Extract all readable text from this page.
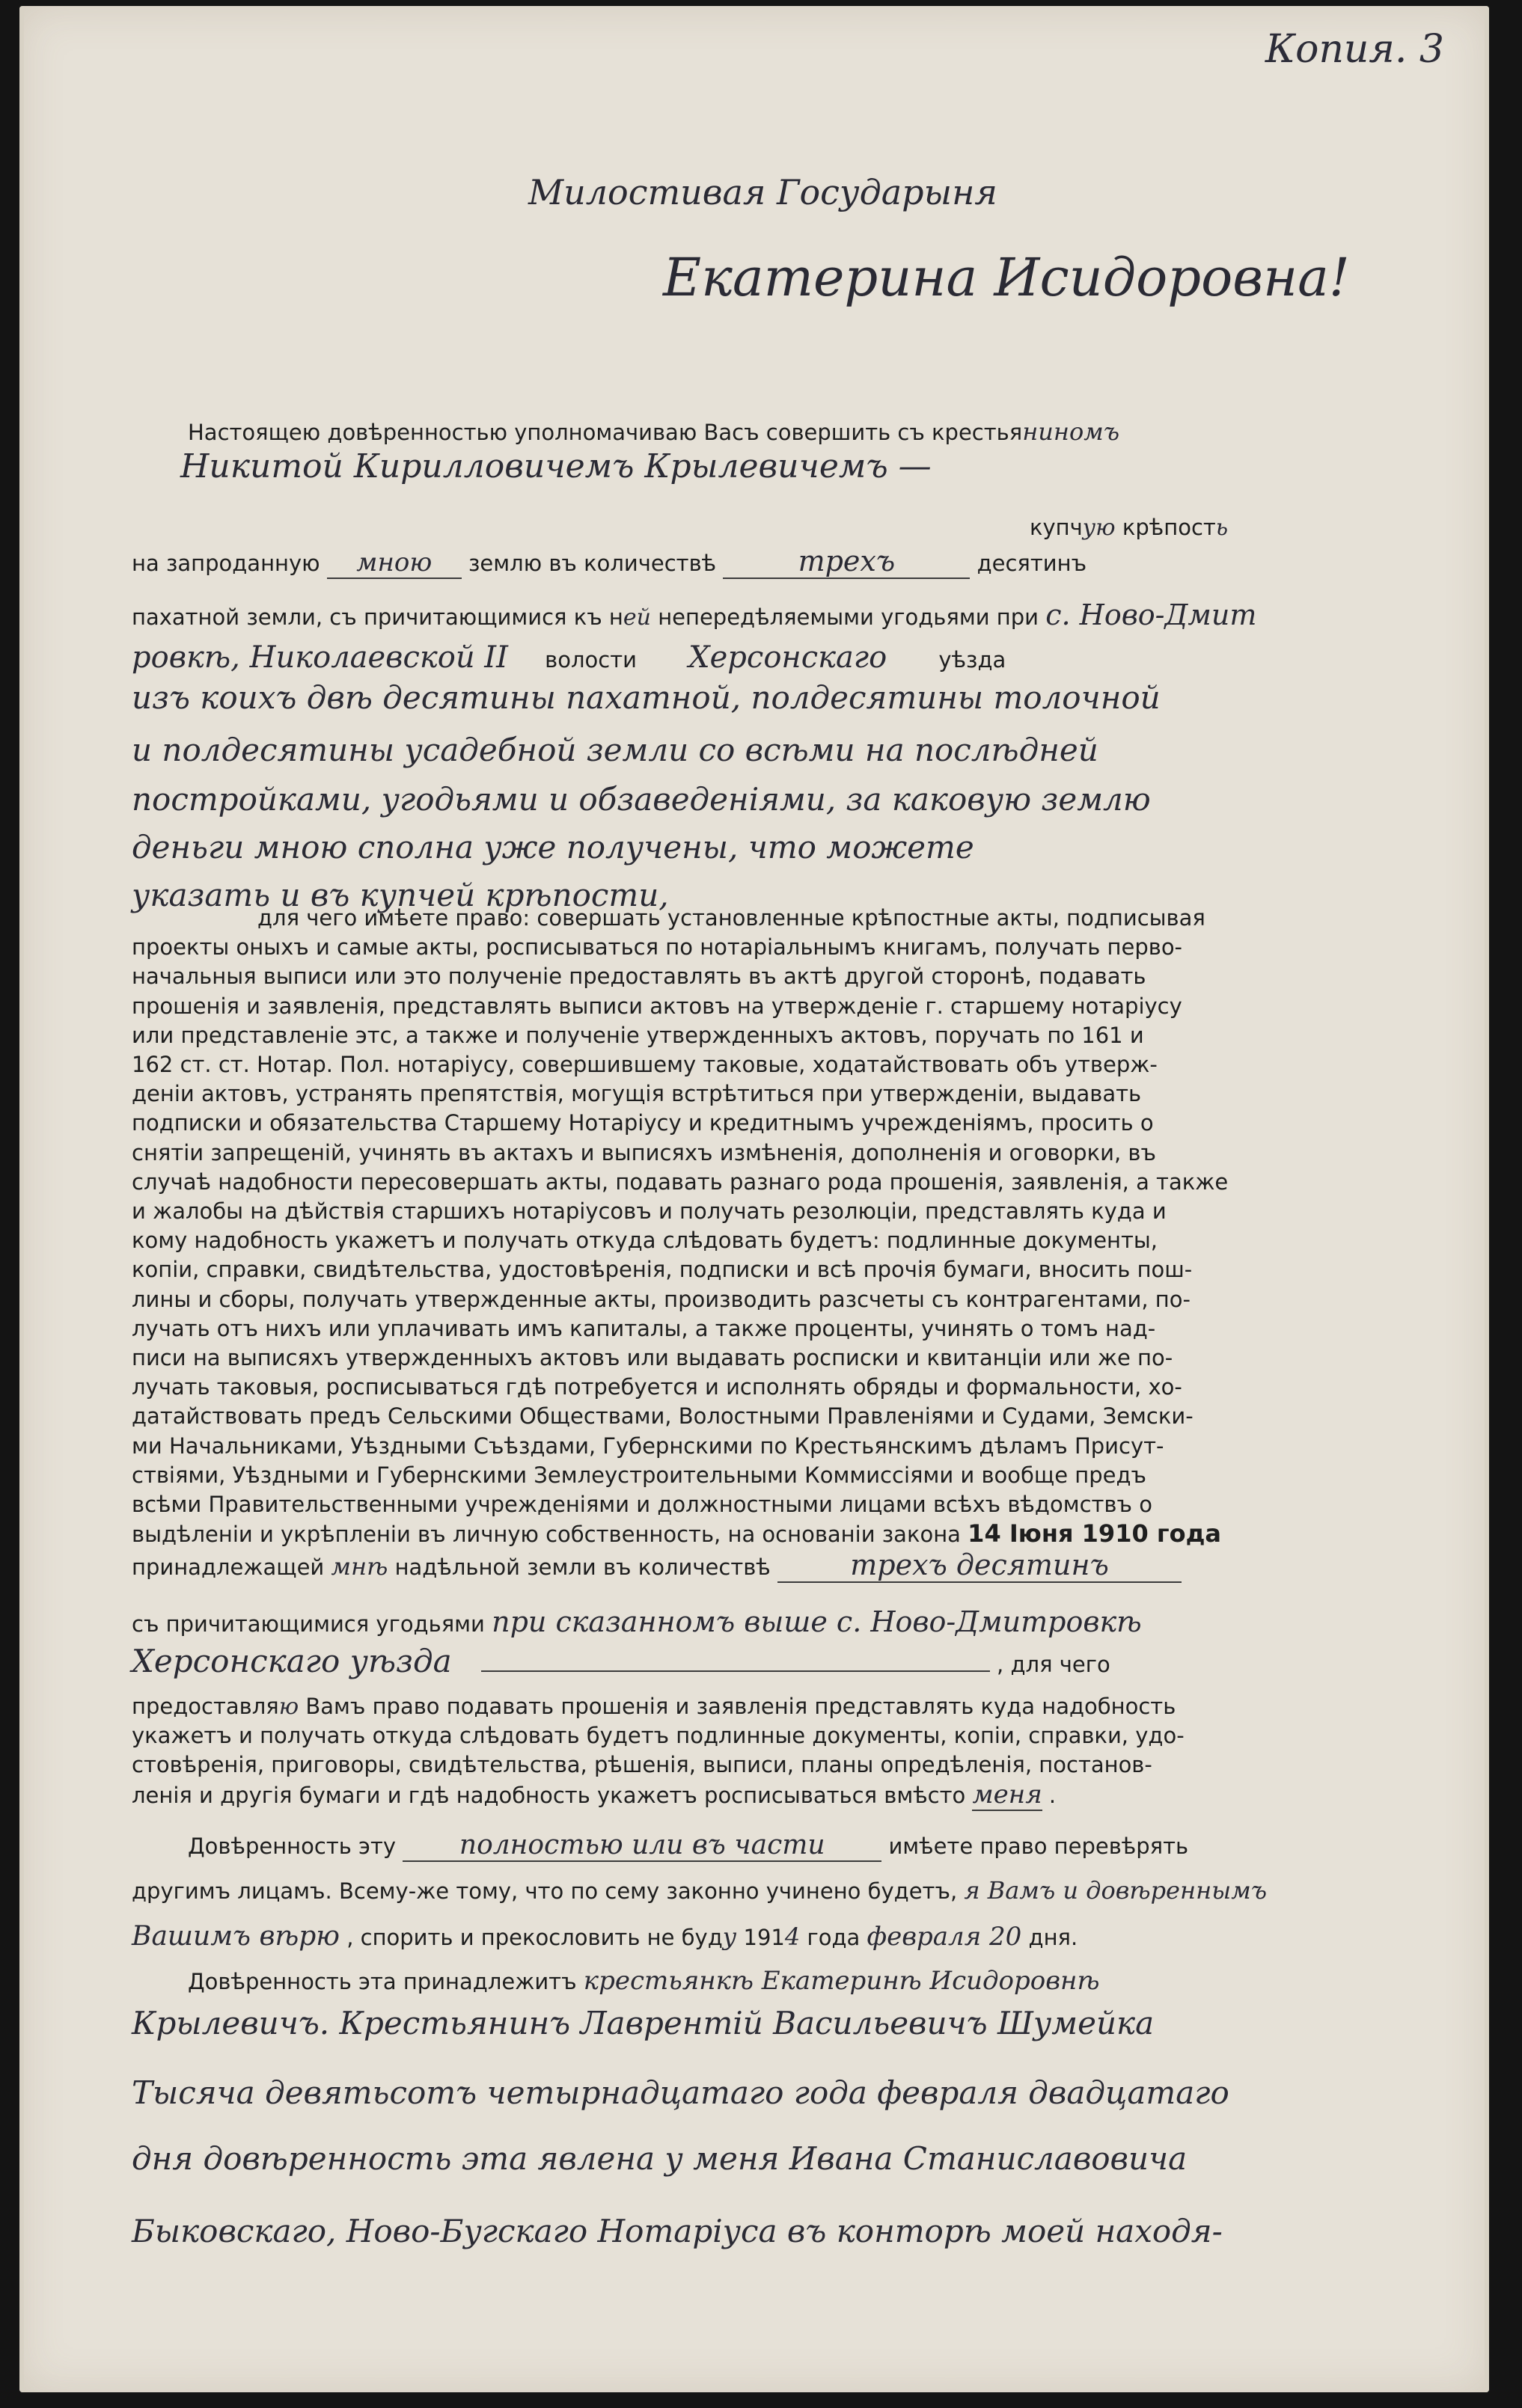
Копия. 3
Милостивая Государыня
Екатерина Исидоровна!
Настоящею довѣренностью уполномачиваю Васъ совершить съ крестьяниномъ
Никитой Кирилловичемъ Крылевичемъ —
купчую крѣпость
на запроданную мною землю въ количествѣ	трехъ	десятинъ
пахатной земли, съ причитающимися къ ней непередѣляемыми угодьями при с. Ново-Дмит
ровкѣ, Николаевской II волости Херсонскаго уѣзда
изъ коихъ двѣ десятины пахатной, полдесятины толочной
и полдесятины усадебной земли со всѣми на послѣдней
постройками, угодьями и обзаведеніями, за каковую землю
деньги мною сполна уже получены, что можете
указать и въ купчей крѣпости,
для чего имѣете право: совершать установленные крѣпостные акты, подписывая
проекты оныхъ и самые акты, росписываться по нотаріальнымъ книгамъ, получать перво-
начальныя выписи или это полученіе предоставлять въ актѣ другой сторонѣ, подавать
прошенія и заявленія, представлять выписи актовъ на утвержденіе г. старшему нотаріусу
или представленіе этс, а также и полученіе утвержденныхъ актовъ, поручать по 161 и
162 ст. ст. Нотар. Пол. нотаріусу, совершившему таковые, ходатайствовать объ утверж-
деніи актовъ, устранять препятствія, могущія встрѣтиться при утвержденіи, выдавать
подписки и обязательства Старшему Нотаріусу и кредитнымъ учрежденіямъ, просить о
снятіи запрещеній, учинять въ актахъ и выписяхъ измѣненія, дополненія и оговорки, въ
случаѣ надобности пересовершать акты, подавать разнаго рода прошенія, заявленія, а также
и жалобы на дѣйствія старшихъ нотаріусовъ и получать резолюціи, представлять куда и
кому надобность укажетъ и получать откуда слѣдовать будетъ: подлинные документы,
копіи, справки, свидѣтельства, удостовѣренія, подписки и всѣ прочія бумаги, вносить пош-
лины и сборы, получать утвержденные акты, производить разсчеты съ контрагентами, по-
лучать отъ нихъ или уплачивать имъ капиталы, а также проценты, учинять о томъ над-
писи на выписяхъ утвержденныхъ актовъ или выдавать росписки и квитанціи или же по-
лучать таковыя, росписываться гдѣ потребуется и исполнять обряды и формальности, хо-
датайствовать предъ Сельскими Обществами, Волостными Правленіями и Судами, Земски-
ми Начальниками, Уѣздными Съѣздами, Губернскими по Крестьянскимъ дѣламъ Присут-
ствіями, Уѣздными и Губернскими Землеустроительными Коммиссіями и вообще предъ
всѣми Правительственными учрежденіями и должностными лицами всѣхъ вѣдомствъ о
выдѣленіи и укрѣпленіи въ личную собственность, на основаніи закона 14 Іюня 1910 года
принадлежащей мнѣ надѣльной земли въ количествѣ	трехъ десятинъ
съ причитающимися угодьями при сказанномъ выше с. Ново-Дмитровкѣ
Херсонскаго уѣзда	, для чего
предоставляю Вамъ право подавать прошенія и заявленія представлять куда надобность
укажетъ и получать откуда слѣдовать будетъ подлинные документы, копіи, справки, удо-
стовѣренія, приговоры, свидѣтельства, рѣшенія, выписи, планы опредѣленія, постанов-
ленія и другія бумаги и гдѣ надобность укажетъ росписываться вмѣсто меня .
Довѣренность эту полностью или въ части	имѣете право перевѣрять
другимъ лицамъ. Всему-же тому, что по сему законно учинено будетъ, я Вамъ и довѣреннымъ
Вашимъ вѣрю , спорить и прекословить не буду 1914 года февраля 20 дня.
Довѣренность эта принадлежитъ крестьянкѣ Екатеринѣ Исидоровнѣ
Крылевичъ. Крестьянинъ Лаврентій Васильевичъ Шумейка
Тысяча девятьсотъ четырнадцатаго года февраля двадцатаго
дня довѣренность эта явлена у меня Ивана Станиславовича
Быковскаго, Ново-Бугскаго Нотаріуса въ конторѣ моей находя-
